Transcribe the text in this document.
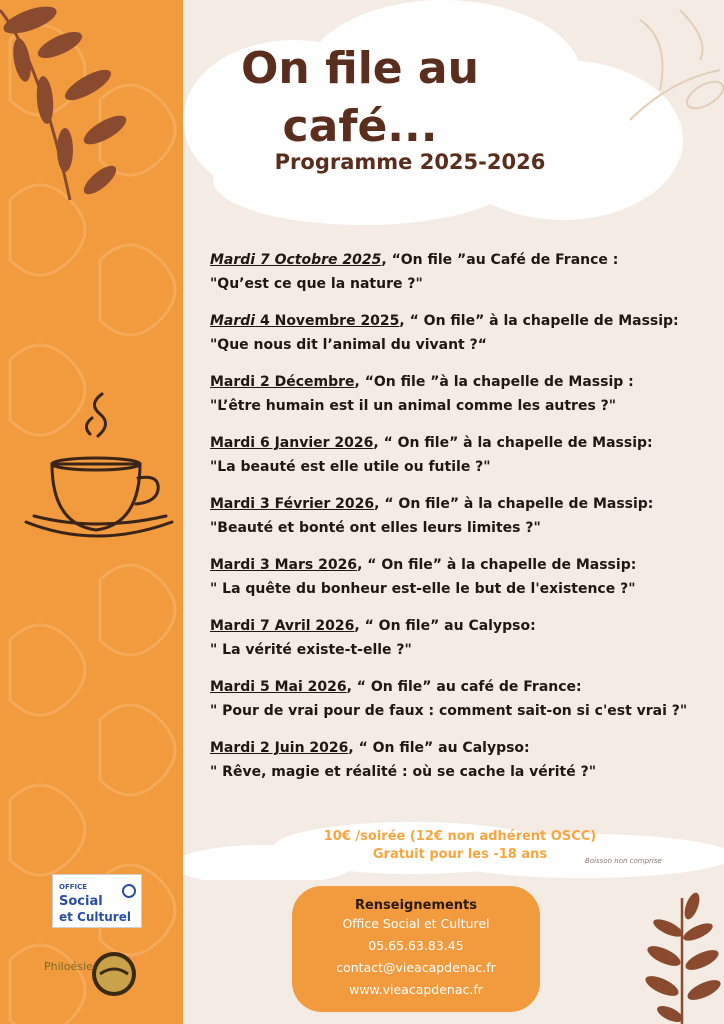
On file au
café...

Programme 2025-2026

Mardi 7 Octobre 2025, “On file ”au Café de France :
"Qu’est ce que la nature ?"
Mardi 4 Novembre 2025, “ On file” à la chapelle de Massip:
"Que nous dit l’animal du vivant ?“
Mardi 2 Décembre, “On file ”à la chapelle de Massip :
"L’être humain est il un animal comme les autres ?"
Mardi 6 Janvier 2026, “ On file” à la chapelle de Massip:
"La beauté est elle utile ou futile ?"
Mardi 3 Février 2026, “ On file” à la chapelle de Massip:
"Beauté et bonté ont elles leurs limites ?"
Mardi 3 Mars 2026, “ On file” à la chapelle de Massip:
" La quête du bonheur est-elle le but de l'existence ?"
Mardi 7 Avril 2026, “ On file” au Calypso:
" La vérité existe-t-elle ?"
Mardi 5 Mai 2026, “ On file” au café de France:
" Pour de vrai pour de faux : comment sait-on si c'est vrai ?"
Mardi 2 Juin 2026, “ On file” au Calypso:
" Rêve, magie et réalité : où se cache la vérité ?"
10€ /soirée (12€ non adhérent OSCC)
Gratuit pour les -18 ans	Boisson non comprise
Renseignements
Office Social et Culturel
05.65.63.83.45
contact@vieacapdenac.fr
www.vieacapdenac.fr
OFFICE
Social
et Culturel
Philoésie
